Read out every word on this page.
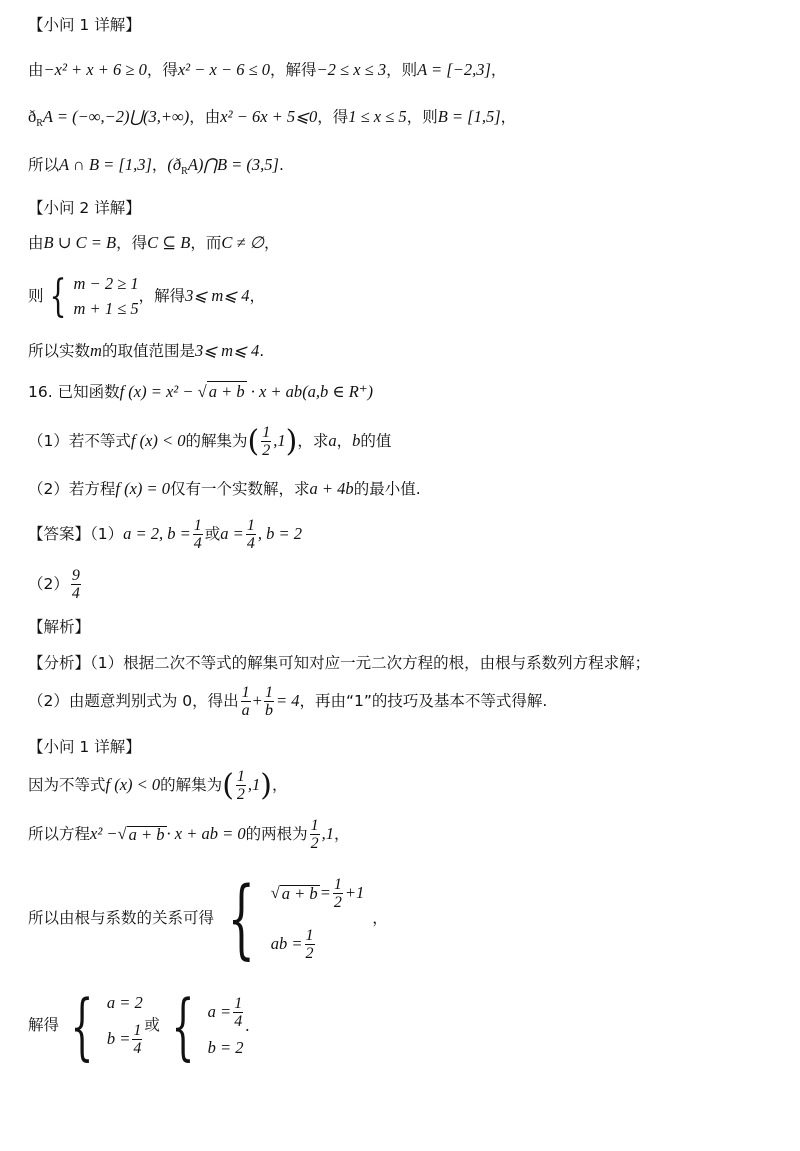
【小问 1 详解】
由−x² + x + 6 ≥ 0，得x² − x − 6 ≤ 0，解得−2 ≤ x ≤ 3，则A = [−2,3]，
$ð_RA$ = (−∞,−2)⋃(3,+∞)，由x² − 6x + 5⩽0，得1 ≤ x ≤ 5，则B = [1,5]，
所以A ∩ B = [1,3]，$(ð_RA)⋂B = (3,5]$.
【小问 2 详解】
由B ∪ C = B，得C ⊆ B，而C ≠ ∅，
则 { m − 2 ≥ 1
m + 1 ≤ 5
，解得 3⩽ m⩽ 4 ，
所以实数m的取值范围是3⩽ m⩽ 4.
16. 已知函数f (x) = x² − √ a + b · x + ab(a,b ∈ R⁺)
（1）若不等式 f (x) < 0 的解集为 ( $\frac{1}{2} ,1$ ) ，求 a ， b 的值
（2）若方程f (x) = 0仅有一个实数解，求a + 4b的最小值.
【答案】（1） a = 2, $b = \frac{1}{4}$ 或 $a = \frac{1}{4}$ , b = 2
$(2) \frac{9}{4}$
【解析】
【分析】（1）根据二次不等式的解集可知对应一元二次方程的根，由根与系数列方程求解；
（2）由题意判别式为 0，得出 $\frac{1}{a} + \frac{1}{b} = 4$ ，再由“1”的技巧及基本不等式得解.
【小问 1 详解】
因为不等式 f (x) < 0 的解集为 ( $\frac{1}{2} ,1$ ) ，
所以方程 x² − √ a + b · x + ab = 0 的两根为 $\frac{1}{2} ,1$ ，
所以由根与系数的关系可得 { √ $a + b = \frac{1}{2} +1$
ab = $\frac{1}{2}$
，
解得 { a = 2
$b = \frac{1}{4}$ 或 { $a = \frac{1}{4}$
b = 2
.
